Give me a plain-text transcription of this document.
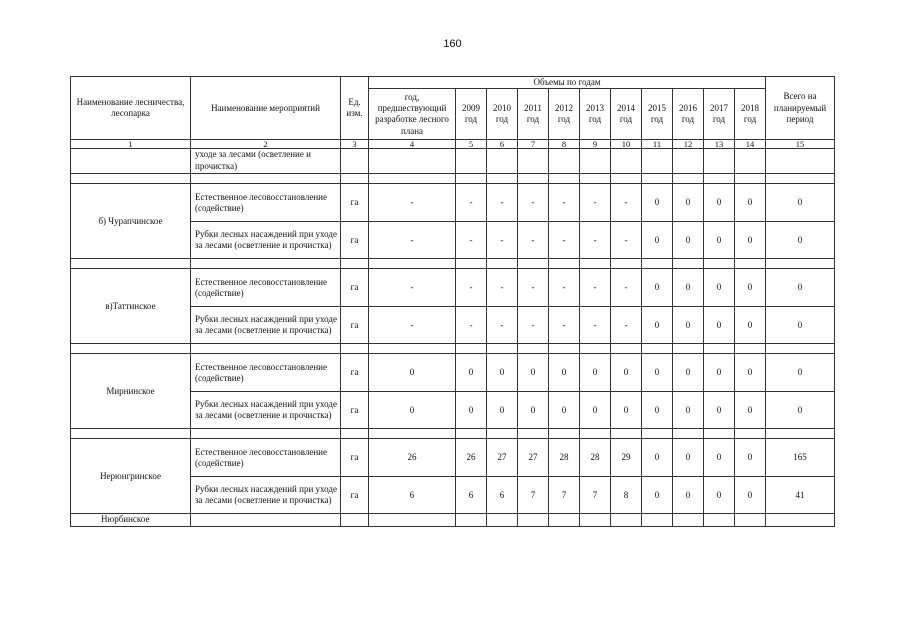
160
Наименование лесничества, лесопарка	Наименование мероприятий	Ед. изм.	Объемы по годам											Всего на планируемый период
			год, предшествующий разработке лесного плана	2009 год	2010 год	2011 год	2012 год	2013 год	2014 год	2015 год	2016 год	2017 год	2018 год	
1	2	3	4	5	6	7	8	9	10	11	12	13	14	15
	уходе за лесами (осветление и прочистка)													

б) Чурапчинское	Естественное лесовосстановление (содействие)	га	-	-	-	-	-	-	-	0	0	0	0	0
	Рубки лесных насаждений при уходе за лесами (осветление и прочистка)	га	-	-	-	-	-	-	-	0	0	0	0	0

в)Таттинское	Естественное лесовосстановление (содействие)	га	-	-	-	-	-	-	-	0	0	0	0	0
	Рубки лесных насаждений при уходе за лесами (осветление и прочистка)	га	-	-	-	-	-	-	-	0	0	0	0	0

Мирнинское	Естественное лесовосстановление (содействие)	га	0	0	0	0	0	0	0	0	0	0	0	0
	Рубки лесных насаждений при уходе за лесами (осветление и прочистка)	га	0	0	0	0	0	0	0	0	0	0	0	0

Нерюнгринское	Естественное лесовосстановление (содействие)	га	26	26	27	27	28	28	29	0	0	0	0	165
	Рубки лесных насаждений при уходе за лесами (осветление и прочистка)	га	6	6	6	7	7	7	8	0	0	0	0	41
Нюрбинское														
